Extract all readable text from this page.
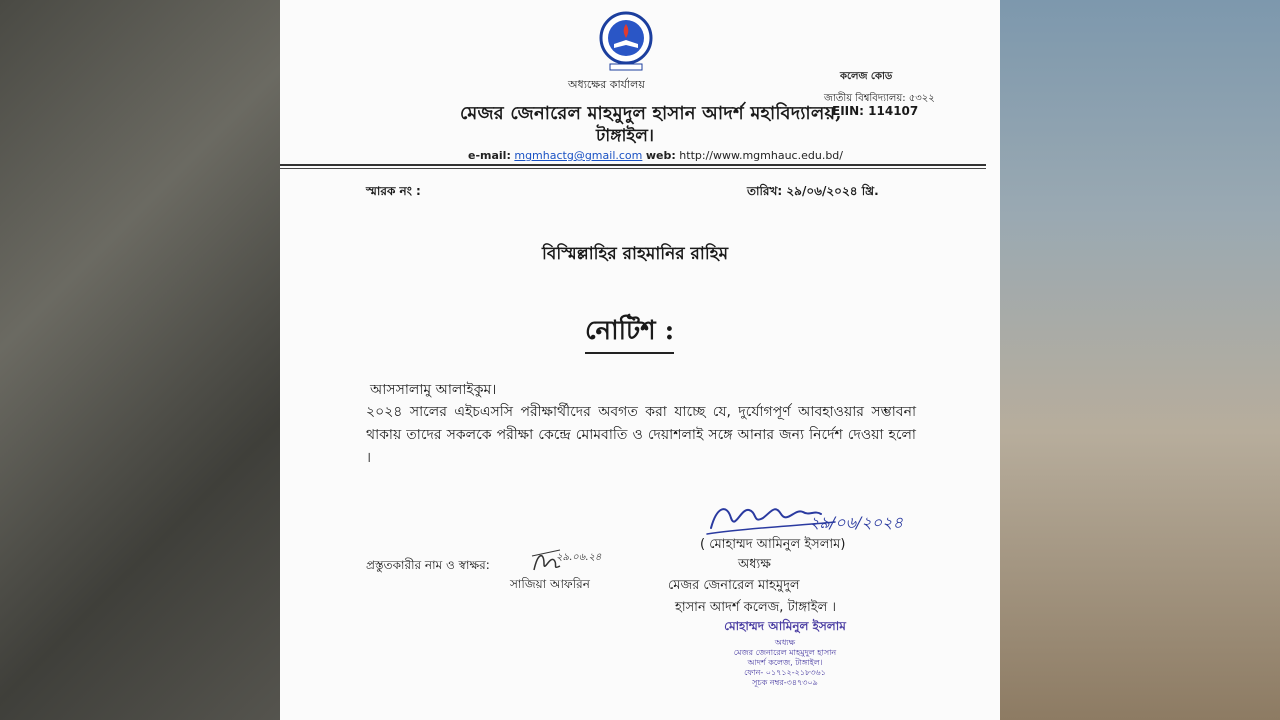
অধ্যক্ষের কার্যালয়
মেজর জেনারেল মাহমুদুল হাসান আদর্শ মহাবিদ্যালয়,
টাঙ্গাইল।
কলেজ কোড
জাতীয় বিশ্ববিদ্যালয়: ৫৩২২
EIIN: 114107
e-mail: mgmhactg@gmail.com web: http://www.mgmhauc.edu.bd/
স্মারক নং :	তারিখ: ২৯/০৬/২০২৪ খ্রি.
বিস্মিল্লাহির রাহমানির রাহিম
নোটিশ :
আসসালামু আলাইকুম।
২০২৪ সালের এইচএসসি পরীক্ষার্থীদের অবগত করা যাচ্ছে যে, দুর্যোগপূর্ণ আবহাওয়ার সম্ভাবনা থাকায় তাদের সকলকে পরীক্ষা কেন্দ্রে মোমবাতি ও দেয়াশলাই সঙ্গে আনার জন্য নির্দেশ দেওয়া হলো ।
২৯/০৬/২০২৪
( মোহাম্মদ আমিনুল ইসলাম)
অধ্যক্ষ
মেজর জেনারেল মাহমুদুল
হাসান আদর্শ কলেজ, টাঙ্গাইল ।
প্রস্তুতকারীর নাম ও স্বাক্ষর:
২৯.০৬.২৪
সাজিয়া আফরিন
মোহাম্মদ আমিনুল ইসলাম
অধ্যক্ষ
মেজর জেনারেল মাহমুদুল হাসান
আদর্শ কলেজ, টাঙ্গাইল।
ফোন- ০১৭১২-২১৮৩৬১
সূচক নম্বর-৩৪৭৩০৯
